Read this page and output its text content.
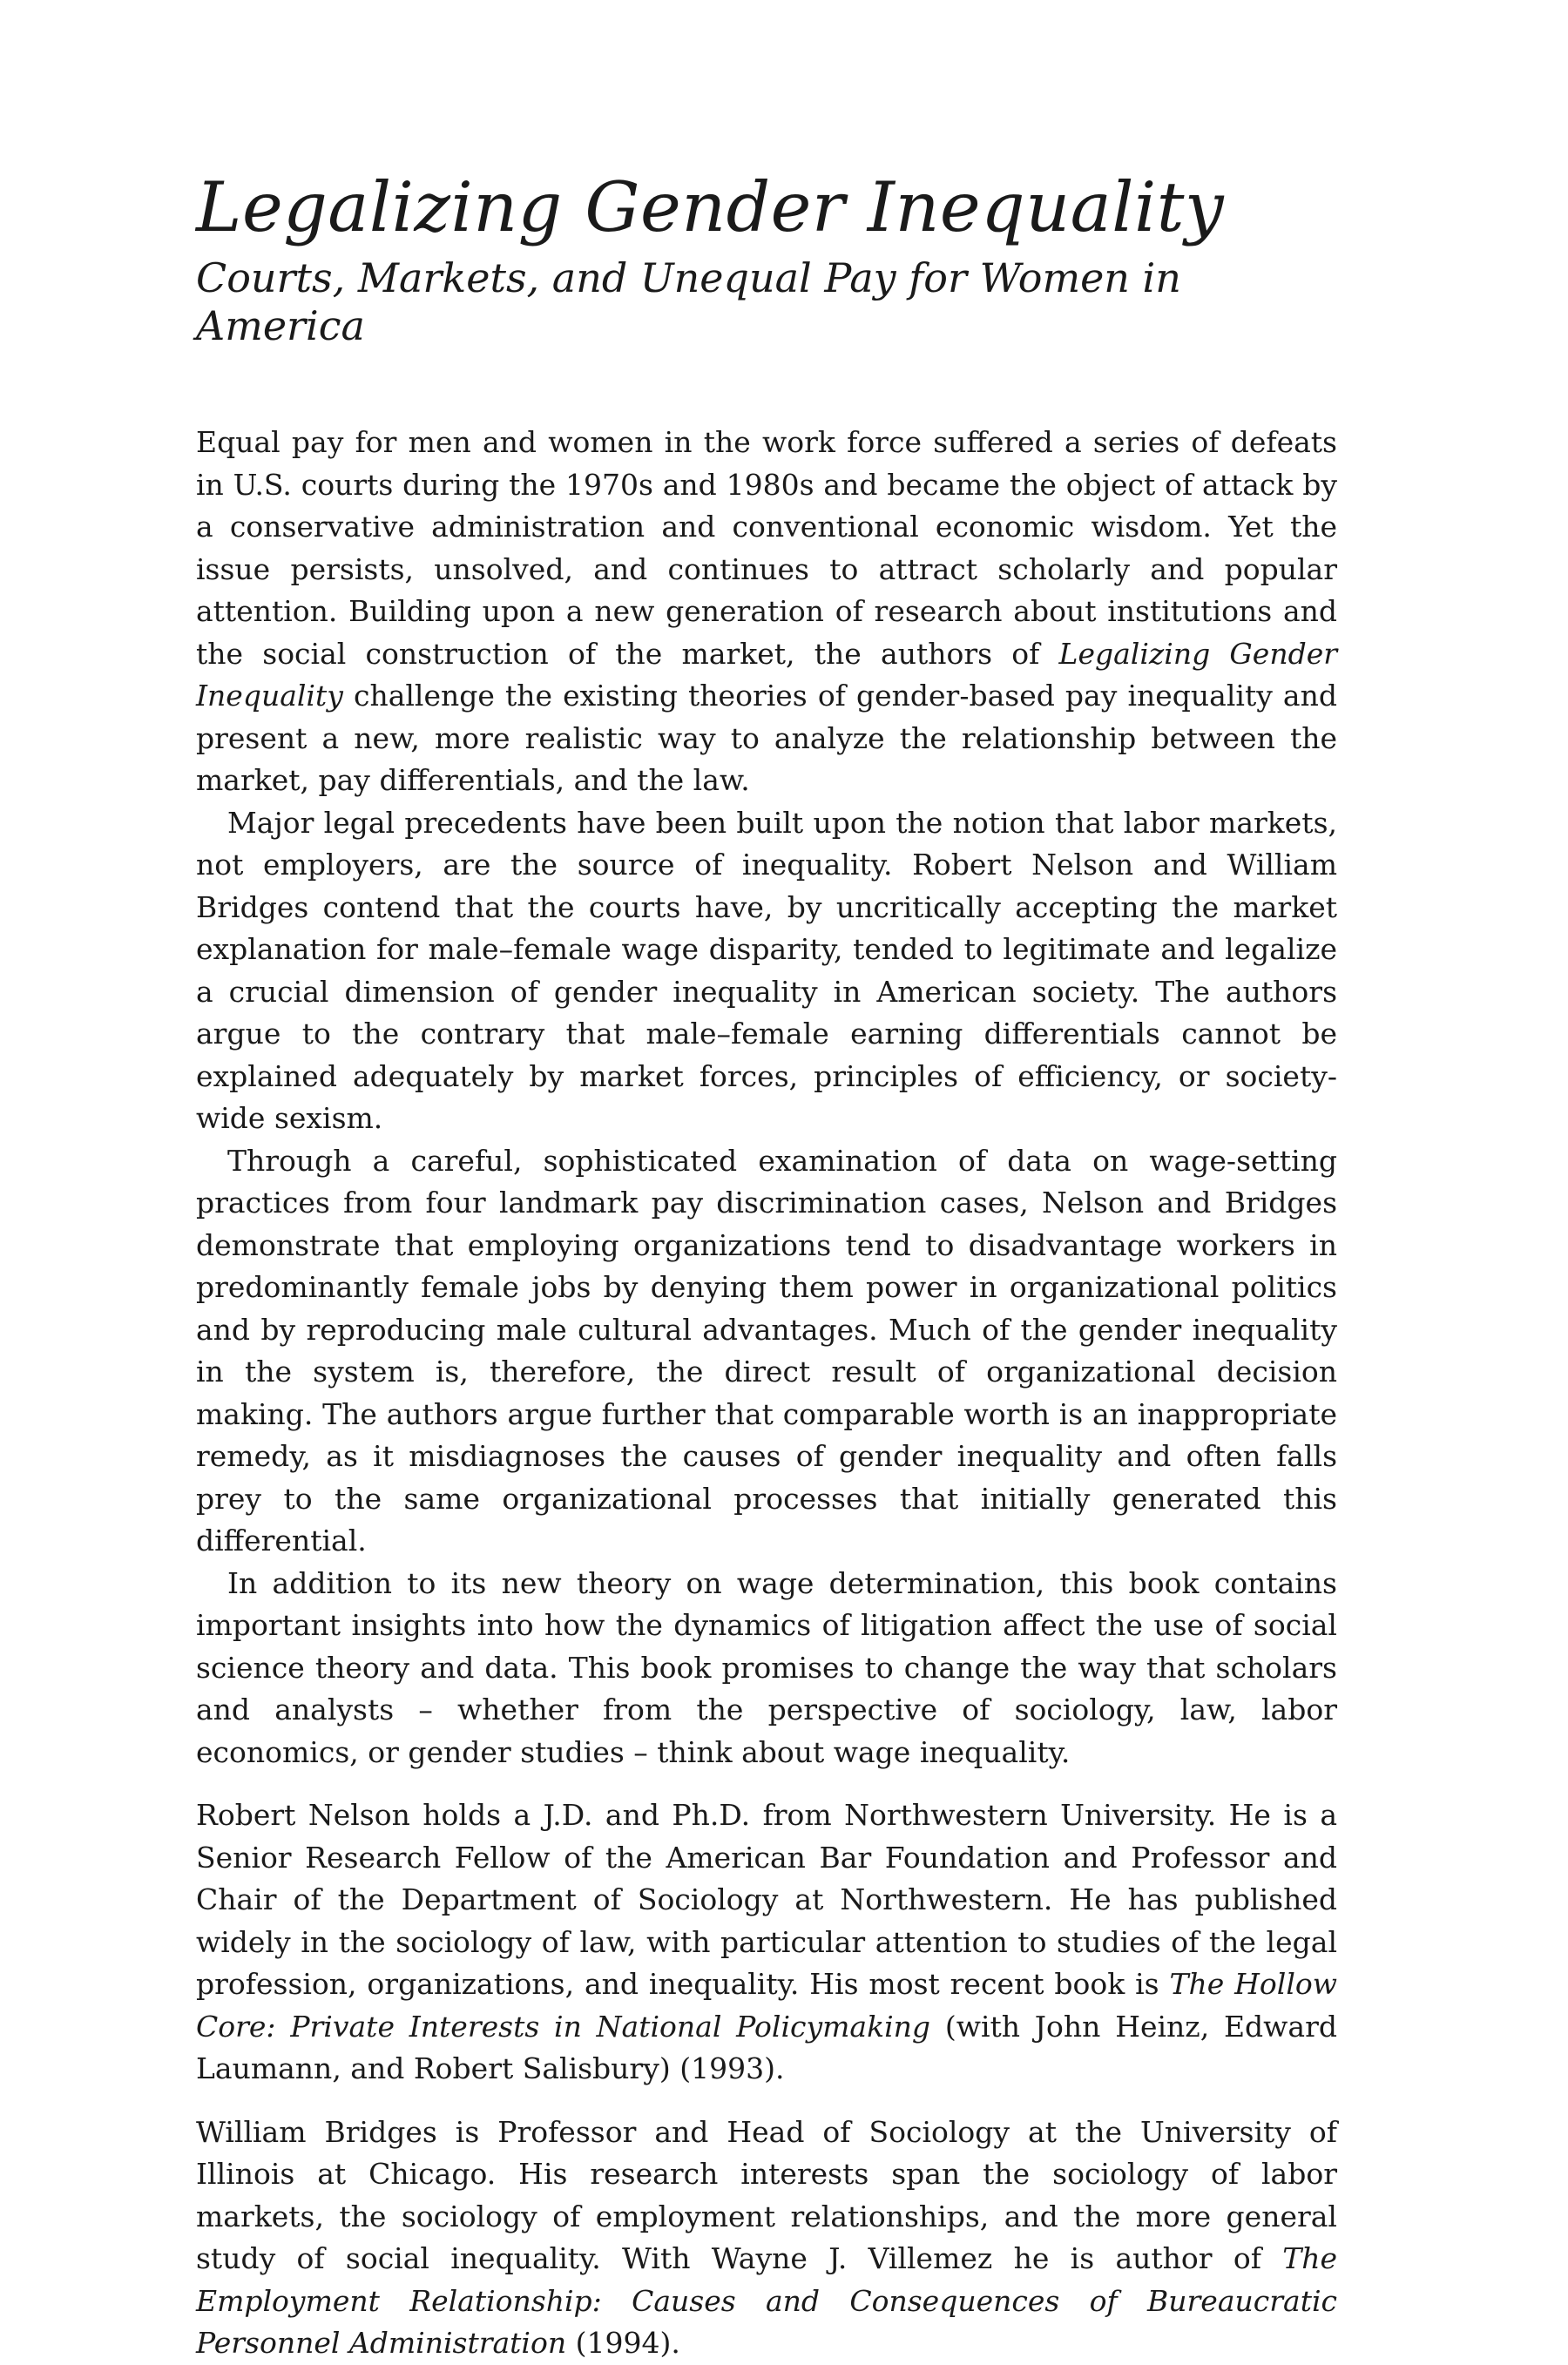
Legalizing Gender Inequality
Courts, Markets, and Unequal Pay for Women in America

Equal pay for men and women in the work force suffered a series of defeats in U.S. courts during the 1970s and 1980s and became the object of attack by a conservative administration and conventional economic wisdom. Yet the issue persists, unsolved, and continues to attract scholarly and popular attention. Building upon a new generation of research about institutions and the social construction of the market, the authors of Legalizing Gender Inequality challenge the existing theories of gender-based pay inequality and present a new, more realistic way to analyze the relationship between the market, pay differentials, and the law.

Major legal precedents have been built upon the notion that labor markets, not employers, are the source of inequality. Robert Nelson and William Bridges contend that the courts have, by uncritically accepting the market explanation for male–female wage disparity, tended to legitimate and legalize a crucial dimension of gender inequality in American society. The authors argue to the contrary that male–female earning differentials cannot be explained adequately by market forces, principles of efficiency, or society-wide sexism.

Through a careful, sophisticated examination of data on wage-setting practices from four landmark pay discrimination cases, Nelson and Bridges demonstrate that employing organizations tend to disadvantage workers in predominantly female jobs by denying them power in organizational politics and by reproducing male cultural advantages. Much of the gender inequality in the system is, therefore, the direct result of organizational decision making. The authors argue further that comparable worth is an inappropriate remedy, as it misdiagnoses the causes of gender inequality and often falls prey to the same organizational processes that initially generated this differential.

In addition to its new theory on wage determination, this book contains important insights into how the dynamics of litigation affect the use of social science theory and data. This book promises to change the way that scholars and analysts – whether from the perspective of sociology, law, labor economics, or gender studies – think about wage inequality.

Robert Nelson holds a J.D. and Ph.D. from Northwestern University. He is a Senior Research Fellow of the American Bar Foundation and Professor and Chair of the Department of Sociology at Northwestern. He has published widely in the sociology of law, with particular attention to studies of the legal profession, organizations, and inequality. His most recent book is The Hollow Core: Private Interests in National Policymaking (with John Heinz, Edward Laumann, and Robert Salisbury) (1993).

William Bridges is Professor and Head of Sociology at the University of Illinois at Chicago. His research interests span the sociology of labor markets, the sociology of employment relationships, and the more general study of social inequality. With Wayne J. Villemez he is author of The Employment Relationship: Causes and Consequences of Bureaucratic Personnel Administration (1994).
